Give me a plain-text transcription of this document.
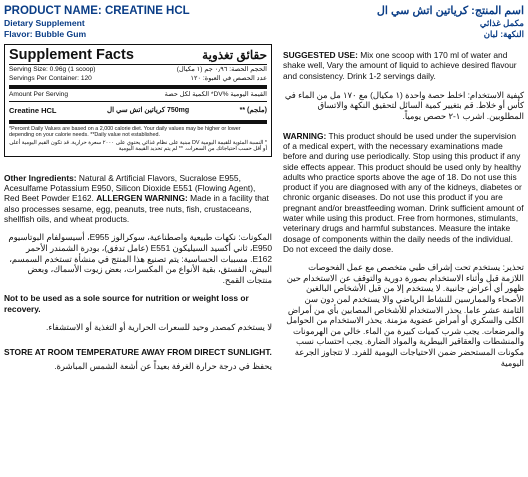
PRODUCT NAME: CREATINE HCL
Dietary Supplement
Flavor: Bubble Gum
Supplement Facts	حقائق تغذوية
Serving Size: 0.96g (1 scoop)	الحجم الحصة: ٠٫٩٦ جم (١ مكيال)
Servings Per Container: 120	عدد الحصص في العبوة: ١٢٠
Amount Per Serving	القيمة اليومية %DV* الكمية لكل حصة
Creatine HCL	750mg كرياتين اتش سي ال	** (ملجم)
*Percent Daily Values are based on a 2,000 calorie diet. Your daily values may be higher or lower depending on your calorie needs. **Daily value not established.
* النسبة المئوية للقيمة اليومية DV مبنية على نظام غذائي يحتوي على ٢٠٠٠ سعرة حرارية. قد تكون القيم اليومية أعلى أو أقل حسب احتياجاتك من السعرات. ** لم يتم تحديد القيمة اليومية
Other Ingredients: Natural & Artificial Flavors, Sucralose E955, Acesulfame Potassium E950, Silicon Dioxide E551 (Flowing Agent), Red Beet Powder E162. ALLERGEN WARNING: Made in a facility that also processes sesame, egg, peanuts, tree nuts, fish, crustaceans, shellfish oils, and wheat products.
المكونات: نكهات طبيعية واصطناعية، سوكرالوز E955، أسيسولفام البوتاسيوم E950، ثاني أكسيد السيليكون E551 (عامل تدفق)، بودرة الشمندر الأحمر E162. مسببات الحساسية: يتم تصنيع هذا المنتج في منشأة تستخدم السمسم، البيض، الفستق، بقية الأنواع من المكسرات، بعض زيوت الأسماك، وبعض منتجات القمح.
Not to be used as a sole source for nutrition or weight loss or recovery.
لا يستخدم كمصدر وحيد للسعرات الحرارية أو التغذية أو الاستشفاء.
STORE AT ROOM TEMPERATURE AWAY FROM DIRECT SUNLIGHT.
يحفظ في درجة حرارة الغرفة بعيداً عن أشعة الشمس المباشرة.
اسم المنتج: كرياتين اتش سي ال
مكمل غذائي
النكهة: لبان
SUGGESTED USE: Mix one scoop with 170 ml of water and shake well, Vary the amount of liquid to achieve desired flavour and consistency. Drink 1-2 servings daily.
كيفية الاستخدام: اخلط حصة واحدة (١ مكيال) مع ١٧٠ مل من الماء في كأس أو خلاط. قم بتغيير كمية السائل لتحقيق النكهة والاتساق المطلوبين. اشرب ١-٢ حصص يومياً.
WARNING: This product should be used under the supervision of a medical expert, with the necessary examinations made before and during use periodically. Stop using this product if any side effects appear. This product should be used only by healthy adults who practice sports above the age of 18. Do not use this product if you are diagnosed with any of the kidneys, diabetes or chronic organic diseases. Do not use this product if you are pregnant and/or breastfeeding woman. Drink sufficient amount of water while using this product. Free from hormones, stimulants, veterinary drugs and harmful substances. Measure the intake dosage of components within the daily needs of the individual. Do not exceed the daily dose.
تحذير: يستخدم تحت إشراف طبي متخصص مع عمل الفحوصات اللازمة قبل وأثناء الاستخدام بصورة دورية والتوقف عن الاستخدام حين ظهور أي أعراض جانبية. لا يستخدم إلا من قبل الأشخاص البالغين الأصحاء والممارسين للنشاط الرياضي والا يستخدم لمن دون سن الثامنة عشر عاما. يحذر الاستخدام للأشخاص المصابين بأي من أمراض الكلى والسكري أو أمراض عضوية مزمنة. يحذر الاستخدام من الحوامل والمرضعات. يجب شرب كميات كبيرة من الماء. خالي من الهرمونات والمنشطات والعقاقير البيطرية والمواد الضارة. يجب احتساب نسب مكونات المستحضر ضمن الاحتياجات اليومية للفرد. لا تتجاوز الجرعة اليومية
